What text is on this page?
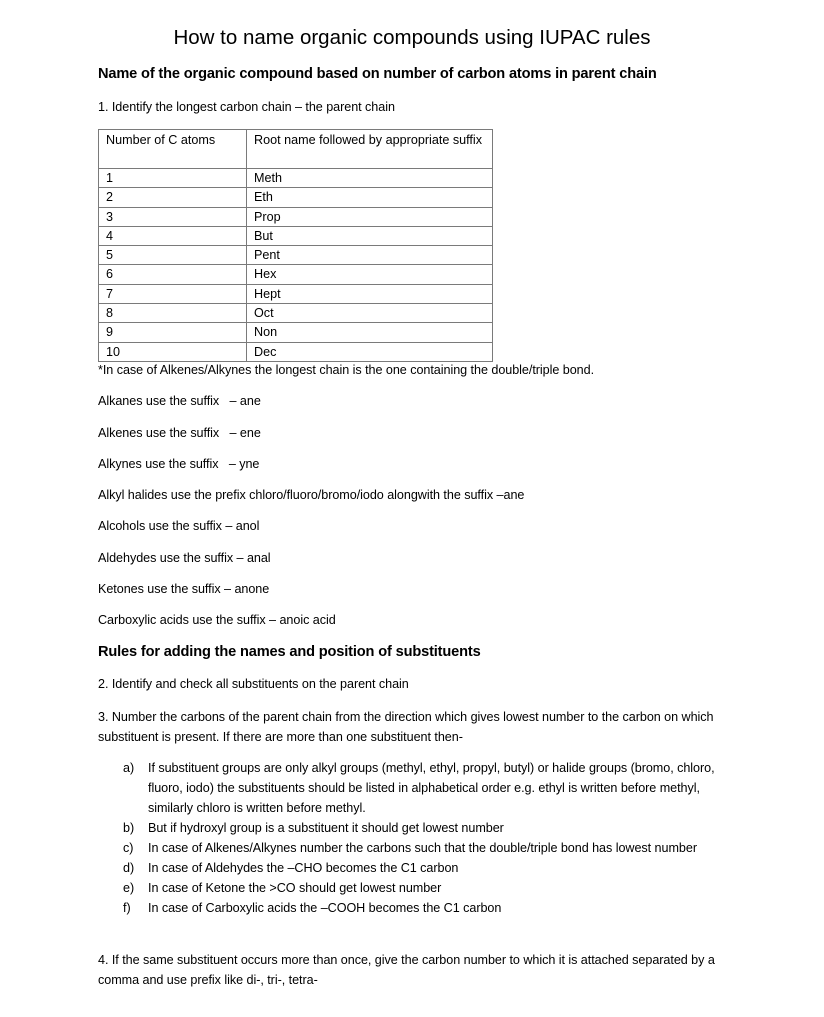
How to name organic compounds using IUPAC rules
Name of the organic compound based on number of carbon atoms in parent chain
1. Identify the longest carbon chain – the parent chain
Number of C atoms	Root name followed by appropriate suffix
1	Meth
2	Eth
3	Prop
4	But
5	Pent
6	Hex
7	Hept
8	Oct
9	Non
10	Dec
*In case of Alkenes/Alkynes the longest chain is the one containing the double/triple bond.
Alkanes use the suffix   – ane
Alkenes use the suffix   – ene
Alkynes use the suffix   – yne
Alkyl halides use the prefix chloro/fluoro/bromo/iodo alongwith the suffix –ane
Alcohols use the suffix – anol
Aldehydes use the suffix – anal
Ketones use the suffix – anone
Carboxylic acids use the suffix – anoic acid
Rules for adding the names and position of substituents
2. Identify and check all substituents on the parent chain
3. Number the carbons of the parent chain from the direction which gives lowest number to the carbon on which substituent is present. If there are more than one substituent then-
a) If substituent groups are only alkyl groups (methyl, ethyl, propyl, butyl) or halide groups (bromo, chloro, fluoro, iodo) the substituents should be listed in alphabetical order e.g. ethyl is written before methyl, similarly chloro is written before methyl.
b) But if hydroxyl group is a substituent it should get lowest number
c) In case of Alkenes/Alkynes number the carbons such that the double/triple bond has lowest number
d) In case of Aldehydes the –CHO becomes the C1 carbon
e) In case of Ketone the >CO should get lowest number
f) In case of Carboxylic acids the –COOH becomes the C1 carbon
4. If the same substituent occurs more than once, give the carbon number to which it is attached separated by a comma and use prefix like di-, tri-, tetra-
